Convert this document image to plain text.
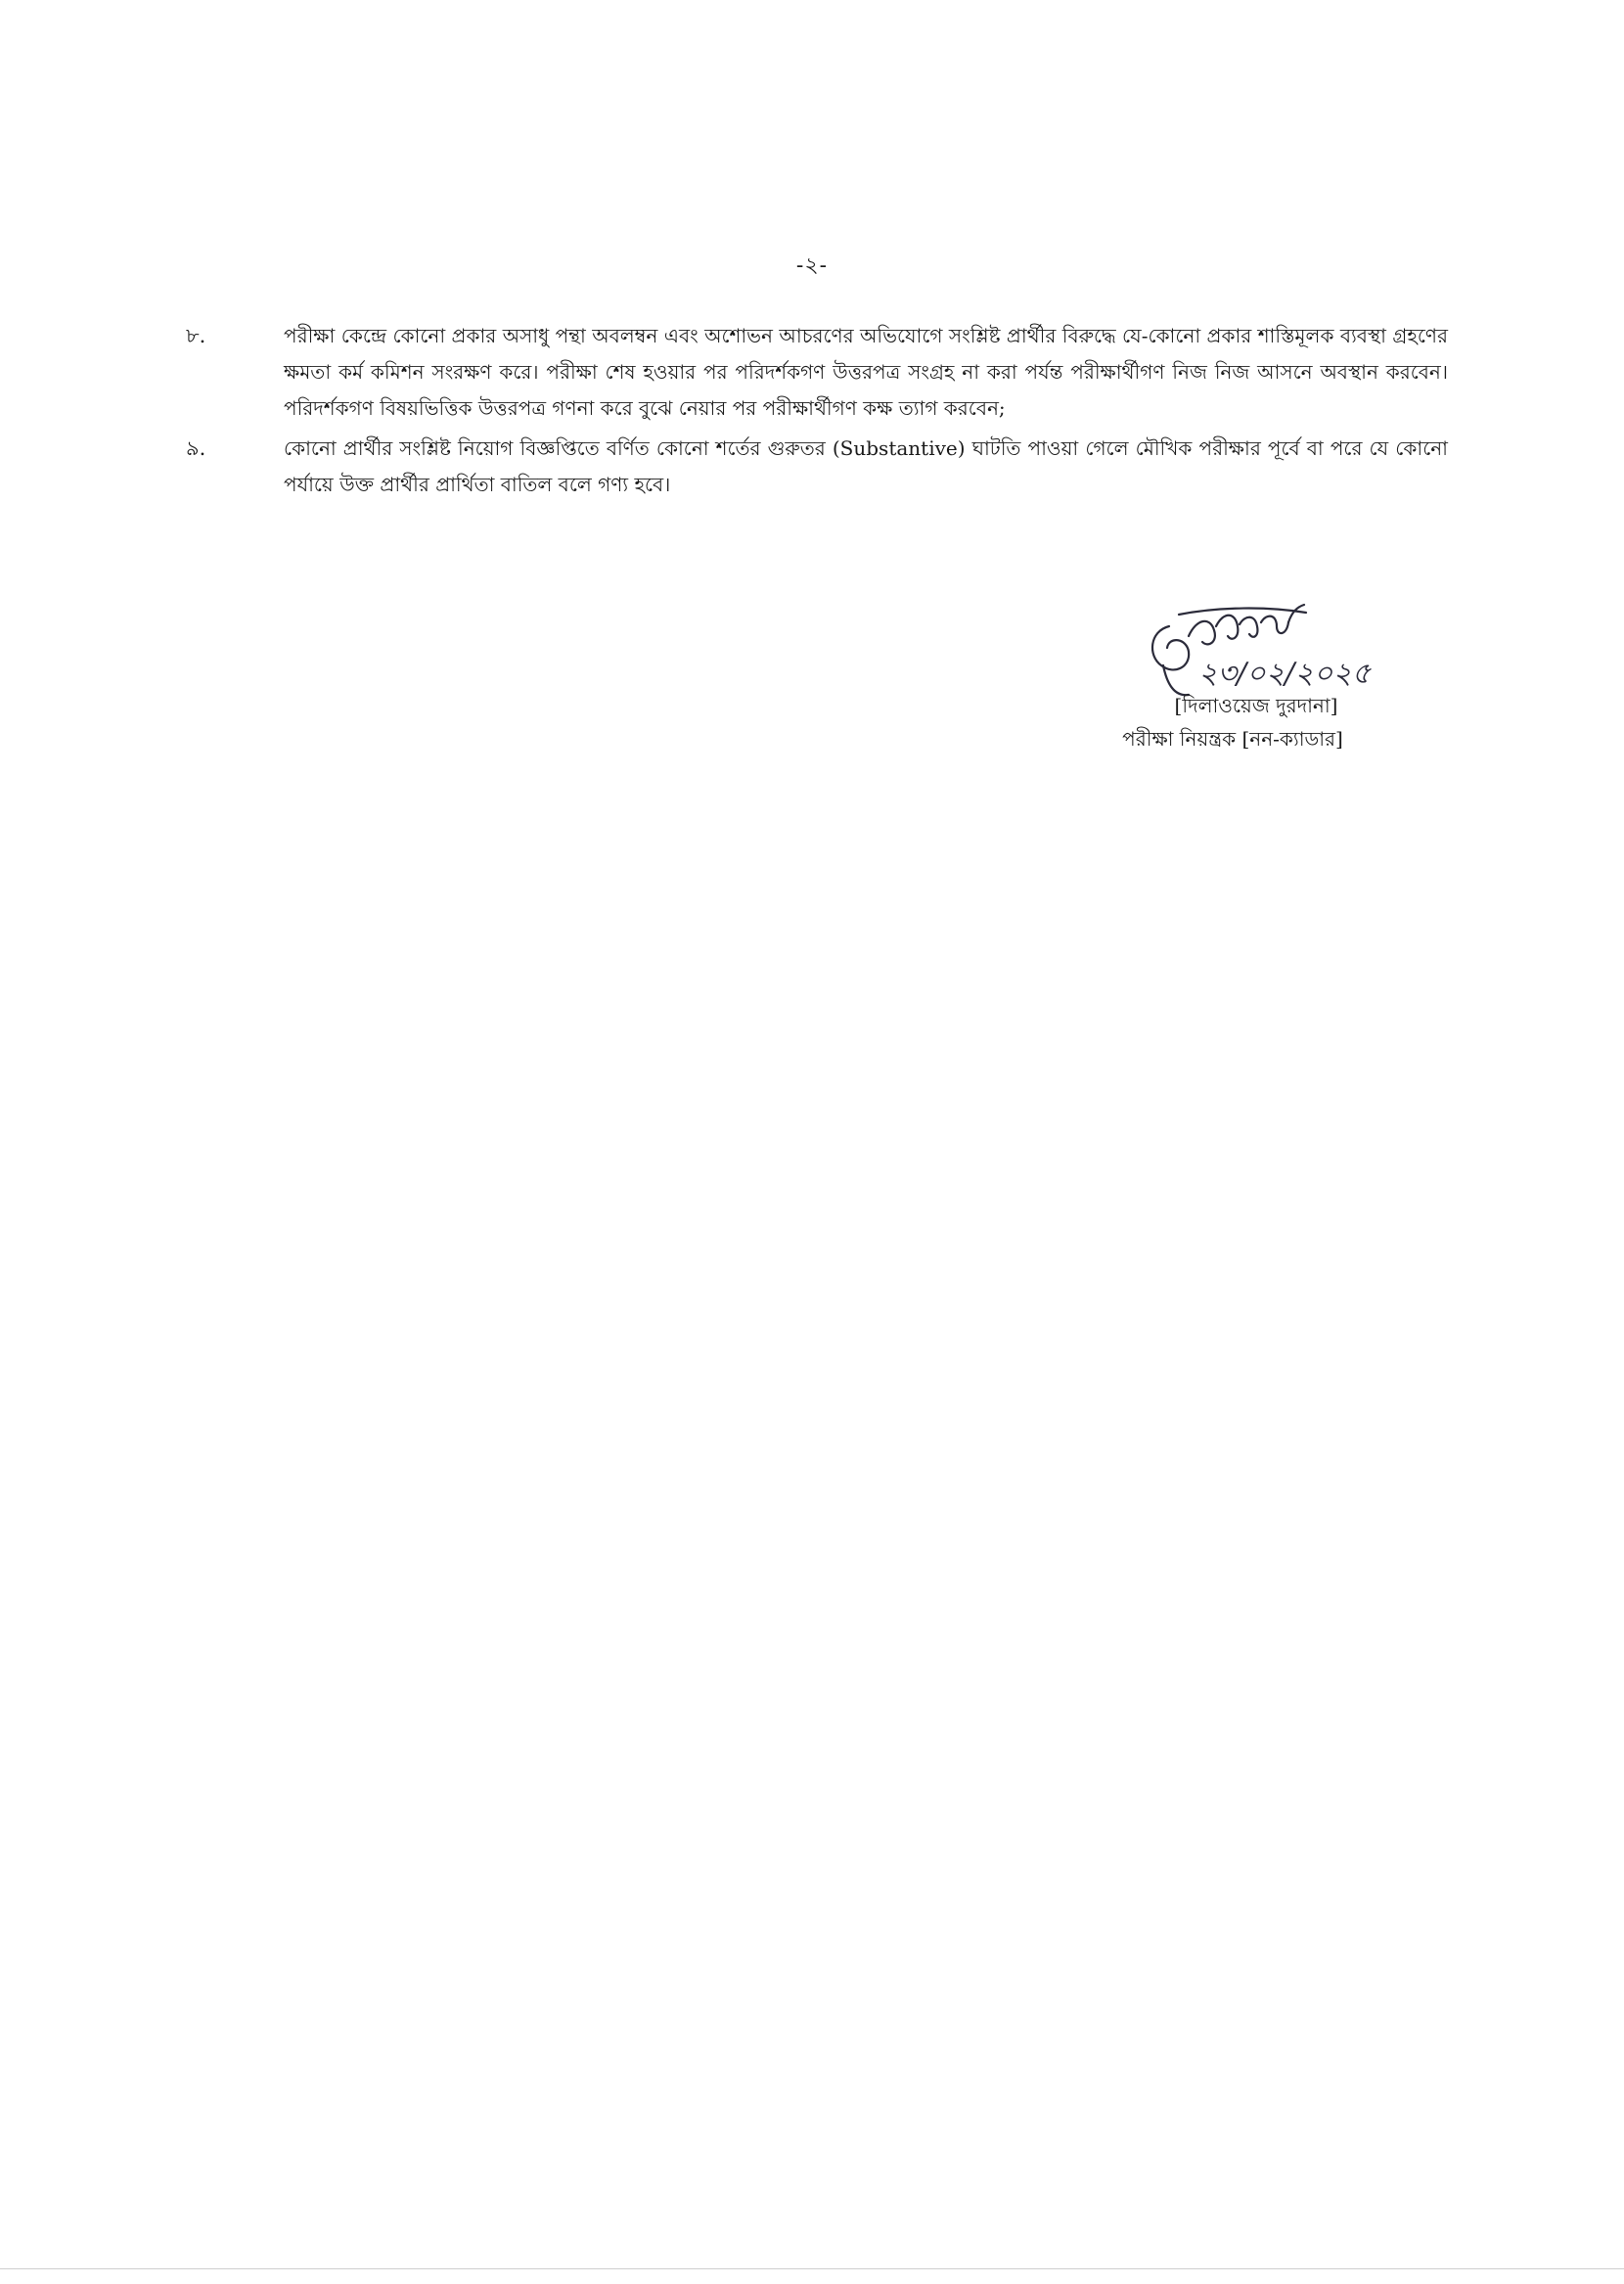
-২-
৮.	পরীক্ষা কেন্দ্রে কোনো প্রকার অসাধু পন্থা অবলম্বন এবং অশোভন আচরণের অভিযোগে সংশ্লিষ্ট প্রার্থীর বিরুদ্ধে যে-কোনো প্রকার শাস্তিমূলক ব্যবস্থা গ্রহণের ক্ষমতা কর্ম কমিশন সংরক্ষণ করে। পরীক্ষা শেষ হওয়ার পর পরিদর্শকগণ উত্তরপত্র সংগ্রহ না করা পর্যন্ত পরীক্ষার্থীগণ নিজ নিজ আসনে অবস্থান করবেন। পরিদর্শকগণ বিষয়ভিত্তিক উত্তরপত্র গণনা করে বুঝে নেয়ার পর পরীক্ষার্থীগণ কক্ষ ত্যাগ করবেন;

৯.	কোনো প্রার্থীর সংশ্লিষ্ট নিয়োগ বিজ্ঞপ্তিতে বর্ণিত কোনো শর্তের গুরুতর (Substantive) ঘাটতি পাওয়া গেলে মৌখিক পরীক্ষার পূর্বে বা পরে যে কোনো পর্যায়ে উক্ত প্রার্থীর প্রার্থিতা বাতিল বলে গণ্য হবে।

২৩/০২/২০২৫
[দিলাওয়েজ দুরদানা]
পরীক্ষা নিয়ন্ত্রক [নন-ক্যাডার]
